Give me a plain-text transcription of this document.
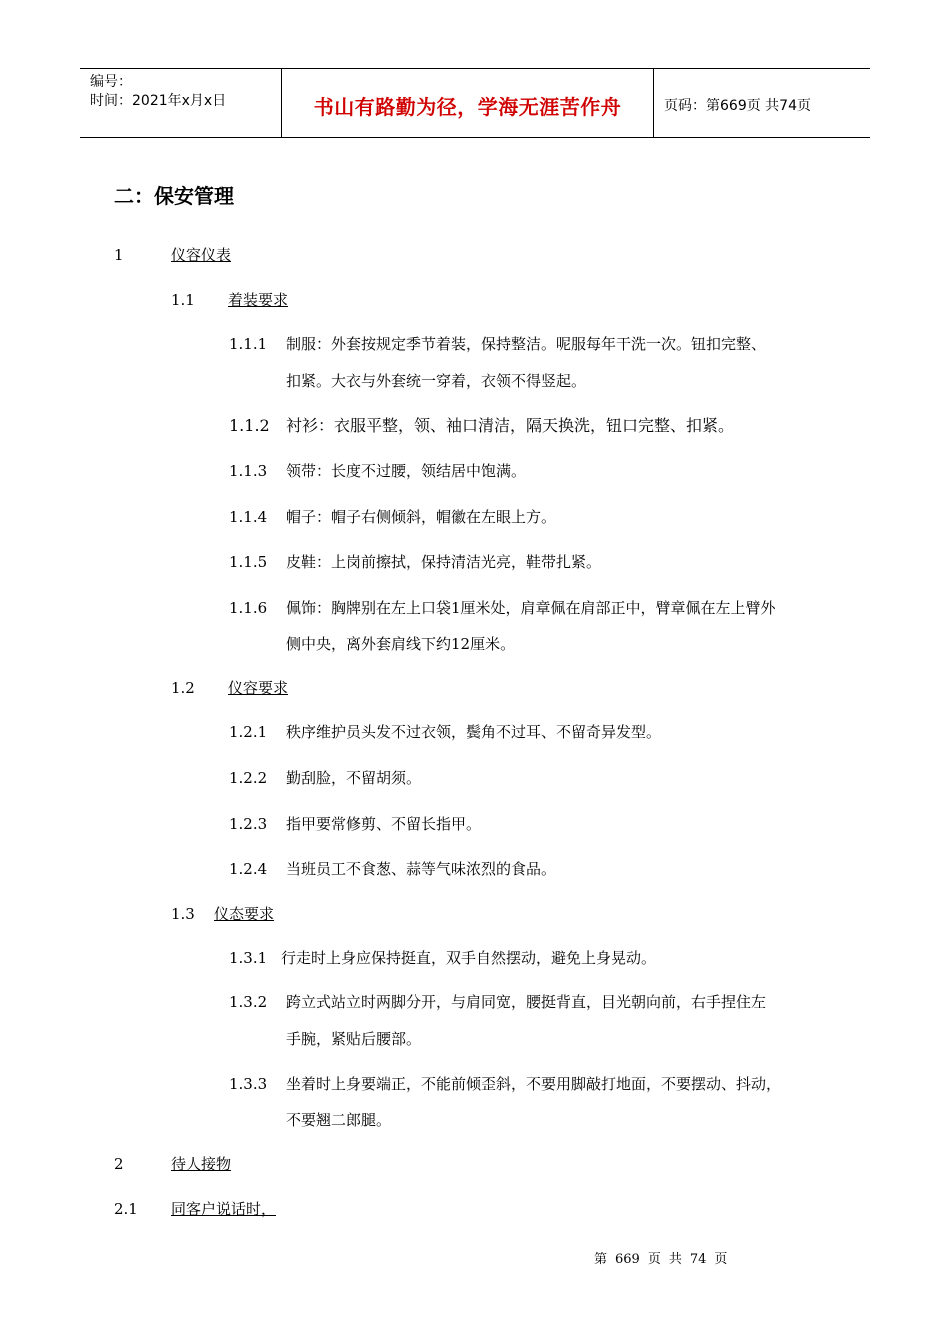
编号：
时间：2021年x月x日	书山有路勤为径，学海无涯苦作舟	页码：第669页 共74页
二：保安管理
1	仪容仪表
1.1 着装要求
1.1.1 制服：外套按规定季节着装，保持整洁。呢服每年干洗一次。钮扣完整、
扣紧。大衣与外套统一穿着，衣领不得竖起。
1.1.2 衬衫：衣服平整，领、袖口清洁，隔天换洗，钮口完整、扣紧。
1.1.3 领带：长度不过腰，领结居中饱满。
1.1.4 帽子：帽子右侧倾斜，帽徽在左眼上方。
1.1.5 皮鞋：上岗前擦拭，保持清洁光亮，鞋带扎紧。
1.1.6 佩饰：胸牌别在左上口袋1厘米处，肩章佩在肩部正中，臂章佩在左上臂外
侧中央，离外套肩线下约12厘米。
1.2 仪容要求
1.2.1 秩序维护员头发不过衣领，鬓角不过耳、不留奇异发型。
1.2.2 勤刮脸，不留胡须。
1.2.3 指甲要常修剪、不留长指甲。
1.2.4 当班员工不食葱、蒜等气味浓烈的食品。
1.3 仪态要求
1.3.1 行走时上身应保持挺直，双手自然摆动，避免上身晃动。
1.3.2 跨立式站立时两脚分开，与肩同宽，腰挺背直，目光朝向前，右手捏住左
手腕，紧贴后腰部。
1.3.3 坐着时上身要端正，不能前倾歪斜，不要用脚敲打地面，不要摆动、抖动，
不要翘二郎腿。
2	待人接物
2.1 同客户说话时，
第 669 页 共 74 页
